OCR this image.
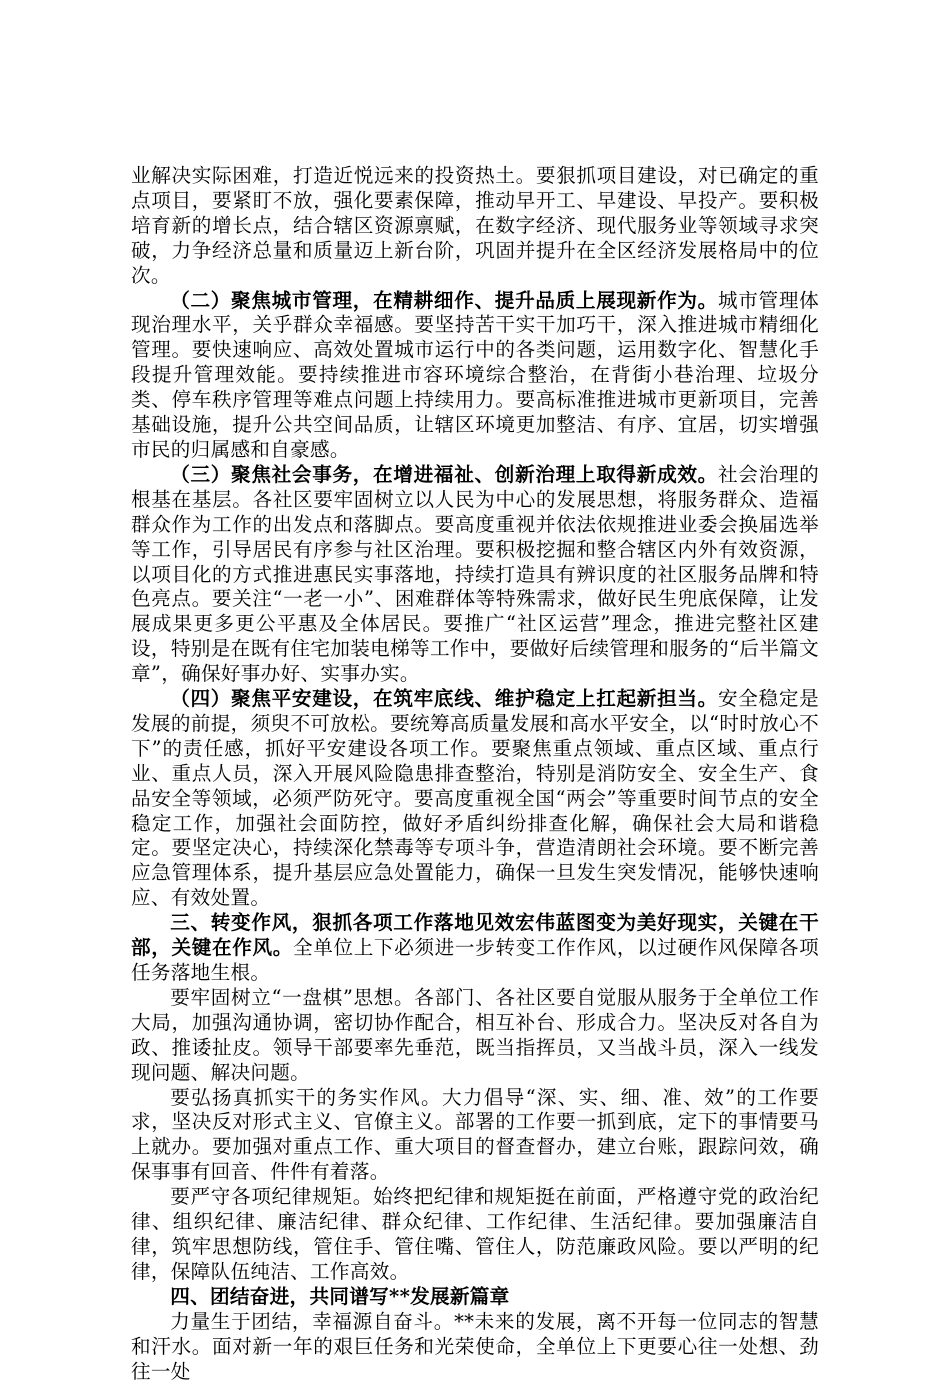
业解决实际困难，打造近悦远来的投资热土。要狠抓项目建设，对已确定的重点项目，要紧盯不放，强化要素保障，推动早开工、早建设、早投产。要积极培育新的增长点，结合辖区资源禀赋，在数字经济、现代服务业等领域寻求突破，力争经济总量和质量迈上新台阶，巩固并提升在全区经济发展格局中的位次。

（二）聚焦城市管理，在精耕细作、提升品质上展现新作为。城市管理体现治理水平，关乎群众幸福感。要坚持苦干实干加巧干，深入推进城市精细化管理。要快速响应、高效处置城市运行中的各类问题，运用数字化、智慧化手段提升管理效能。要持续推进市容环境综合整治，在背街小巷治理、垃圾分类、停车秩序管理等难点问题上持续用力。要高标准推进城市更新项目，完善基础设施，提升公共空间品质，让辖区环境更加整洁、有序、宜居，切实增强市民的归属感和自豪感。

（三）聚焦社会事务，在增进福祉、创新治理上取得新成效。社会治理的根基在基层。各社区要牢固树立以人民为中心的发展思想，将服务群众、造福群众作为工作的出发点和落脚点。要高度重视并依法依规推进业委会换届选举等工作，引导居民有序参与社区治理。要积极挖掘和整合辖区内外有效资源，以项目化的方式推进惠民实事落地，持续打造具有辨识度的社区服务品牌和特色亮点。要关注“一老一小”、困难群体等特殊需求，做好民生兜底保障，让发展成果更多更公平惠及全体居民。要推广“社区运营”理念，推进完整社区建设，特别是在既有住宅加装电梯等工作中，要做好后续管理和服务的“后半篇文章”，确保好事办好、实事办实。

（四）聚焦平安建设，在筑牢底线、维护稳定上扛起新担当。安全稳定是发展的前提，须臾不可放松。要统筹高质量发展和高水平安全，以“时时放心不下”的责任感，抓好平安建设各项工作。要聚焦重点领域、重点区域、重点行业、重点人员，深入开展风险隐患排查整治，特别是消防安全、安全生产、食品安全等领域，必须严防死守。要高度重视全国“两会”等重要时间节点的安全稳定工作，加强社会面防控，做好矛盾纠纷排查化解，确保社会大局和谐稳定。要坚定决心，持续深化禁毒等专项斗争，营造清朗社会环境。要不断完善应急管理体系，提升基层应急处置能力，确保一旦发生突发情况，能够快速响应、有效处置。

三、转变作风，狠抓各项工作落地见效宏伟蓝图变为美好现实，关键在干部，关键在作风。全单位上下必须进一步转变工作作风，以过硬作风保障各项任务落地生根。

要牢固树立“一盘棋”思想。各部门、各社区要自觉服从服务于全单位工作大局，加强沟通协调，密切协作配合，相互补台、形成合力。坚决反对各自为政、推诿扯皮。领导干部要率先垂范，既当指挥员，又当战斗员，深入一线发现问题、解决问题。

要弘扬真抓实干的务实作风。大力倡导“深、实、细、准、效”的工作要求，坚决反对形式主义、官僚主义。部署的工作要一抓到底，定下的事情要马上就办。要加强对重点工作、重大项目的督查督办，建立台账，跟踪问效，确保事事有回音、件件有着落。

要严守各项纪律规矩。始终把纪律和规矩挺在前面，严格遵守党的政治纪律、组织纪律、廉洁纪律、群众纪律、工作纪律、生活纪律。要加强廉洁自律，筑牢思想防线，管住手、管住嘴、管住人，防范廉政风险。要以严明的纪律，保障队伍纯洁、工作高效。

四、团结奋进，共同谱写**发展新篇章

力量生于团结，幸福源自奋斗。**未来的发展，离不开每一位同志的智慧和汗水。面对新一年的艰巨任务和光荣使命，全单位上下更要心往一处想、劲往一处
